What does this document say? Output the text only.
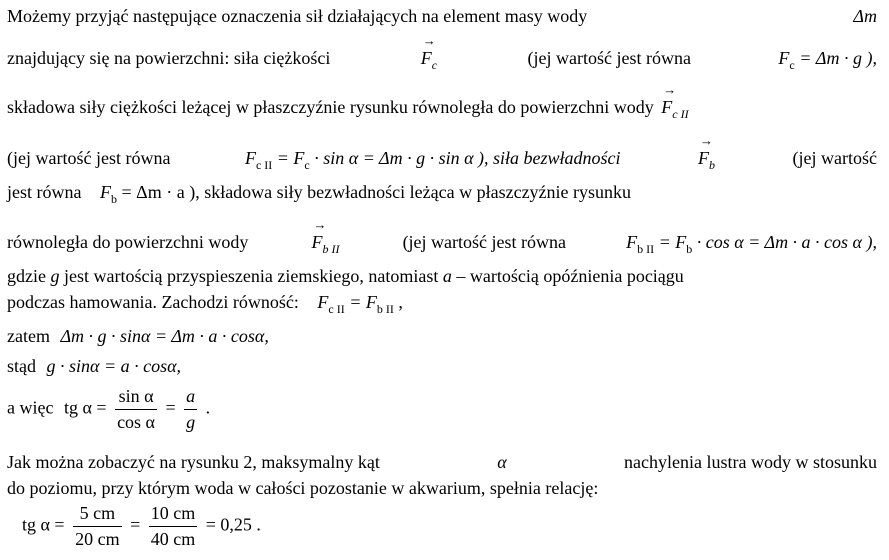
Możemy przyjąć następujące oznaczenia sił działających na element masy wody	Δm
znajdujący się na powierzchni: siła ciężkości
→
$F_c$	(jej wartość jest równa	$F_c = \Delta m \cdot g$ ),
składowa siły ciężkości leżącej w płaszczyźnie rysunku równoległa do powierzchni wody
→
$F_{c II}$
(jej wartość jest równa	$F_{c II} = F_c \cdot \sin \alpha = \Delta m \cdot g \cdot \sin \alpha$ ), siła bezwładności
→
$F_b$	(jej wartość
jest równa $F_b = \Delta m \cdot a$ ), składowa siły bezwładności leżąca w płaszczyźnie rysunku
równoległa do powierzchni wody
→
$F_{b II}$	(jej wartość jest równa	$F_{b II} = F_b \cdot \cos \alpha = \Delta m \cdot a \cdot \cos \alpha$ ),
gdzie g jest wartością przyspieszenia ziemskiego, natomiast a – wartością opóźnienia pociągu
podczas hamowania. Zachodzi równość: $F_{c II} = F_{b II}$ ,
zatem Δm · g · sinα = Δm · a · cosα,
stąd g · sinα = a · cosα,
a więc tg $\alpha = \frac{\text{sin α}}{\text{cos α}} = \frac{a}{g}$ .
Jak można zobaczyć na rysunku 2, maksymalny kąt	α	nachylenia lustra wody w stosunku
do poziomu, przy którym woda w całości pozostanie w akwarium, spełnia relację:
tg $\alpha = \frac{5 cm}{20 cm} = \frac{10 cm}{40 cm} = 0,25$ .
